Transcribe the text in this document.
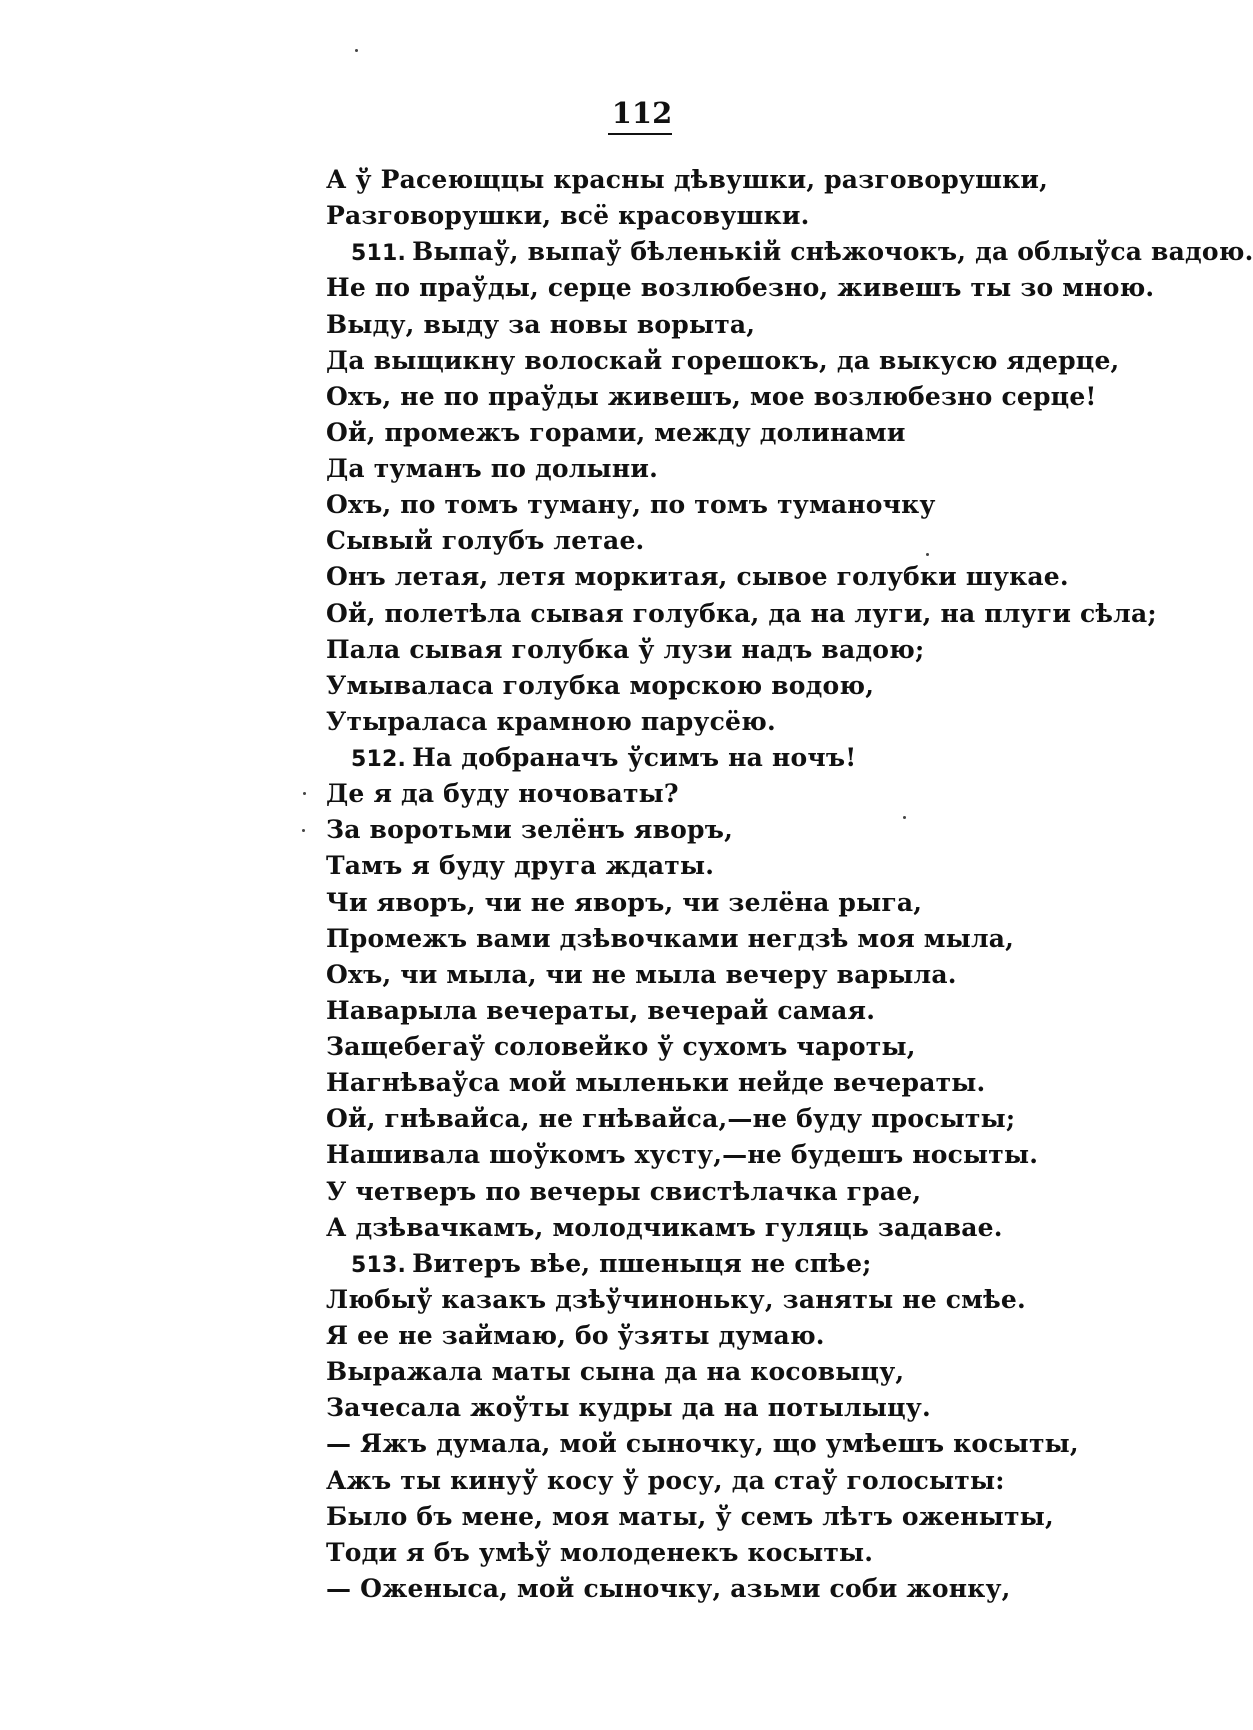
112
А ў Расеющцы красны дѣвушки, разговорушки,
Разговорушки, всё красовушки.
511. Выпаў, выпаў бѣленькій снѣжочокъ, да облыўса вадою.
Не по праўды, серце возлюбезно, живешъ ты зо мною.
Выду, выду за новы ворыта,
Да выщикну волоскай горешокъ, да выкусю ядерце,
Охъ, не по праўды живешъ, мое возлюбезно серце!
Ой, промежъ горами, между долинами
Да туманъ по долыни.
Охъ, по томъ туману, по томъ туманочку
Сывый голубъ летае.
Онъ летая, летя моркитая, сывое голубки шукае.
Ой, полетѣла сывая голубка, да на луги, на плуги сѣла;
Пала сывая голубка ў лузи надъ вадою;
Умываласа голубка морскою водою,
Утыраласа крамною парусёю.
512. На добраначъ ўсимъ на ночъ!
Де я да буду ночоваты?
За воротьми зелёнъ яворъ,
Тамъ я буду друга ждаты.
Чи яворъ, чи не яворъ, чи зелёна рыга,
Промежъ вами дзѣвочками негдзѣ моя мыла,
Охъ, чи мыла, чи не мыла вечеру варыла.
Наварыла вечераты, вечерай самая.
Защебегаў соловейко ў сухомъ чароты,
Нагнѣваўса мой мыленьки нейде вечераты.
Ой, гнѣвайса, не гнѣвайса,—не буду просыты;
Нашивала шоўкомъ хусту,—не будешъ носыты.
У четверъ по вечеры свистѣлачка грае,
А дзѣвачкамъ, молодчикамъ гуляць задавае.
513. Витеръ вѣе, пшеныця не спѣе;
Любыў казакъ дзѣўчиноньку, заняты не смѣе.
Я ее не займаю, бо ўзяты думаю.
Выражала маты сына да на косовыцу,
Зачесала жоўты кудры да на потылыцу.
— Яжъ думала, мой сыночку, що умѣешъ косыты,
Ажъ ты кинуў косу ў росу, да стаў голосыты:
Было бъ мене, моя маты, ў семъ лѣтъ оженыты,
Тоди я бъ умѣў молоденекъ косыты.
— Оженыса, мой сыночку, азьми соби жонку,
